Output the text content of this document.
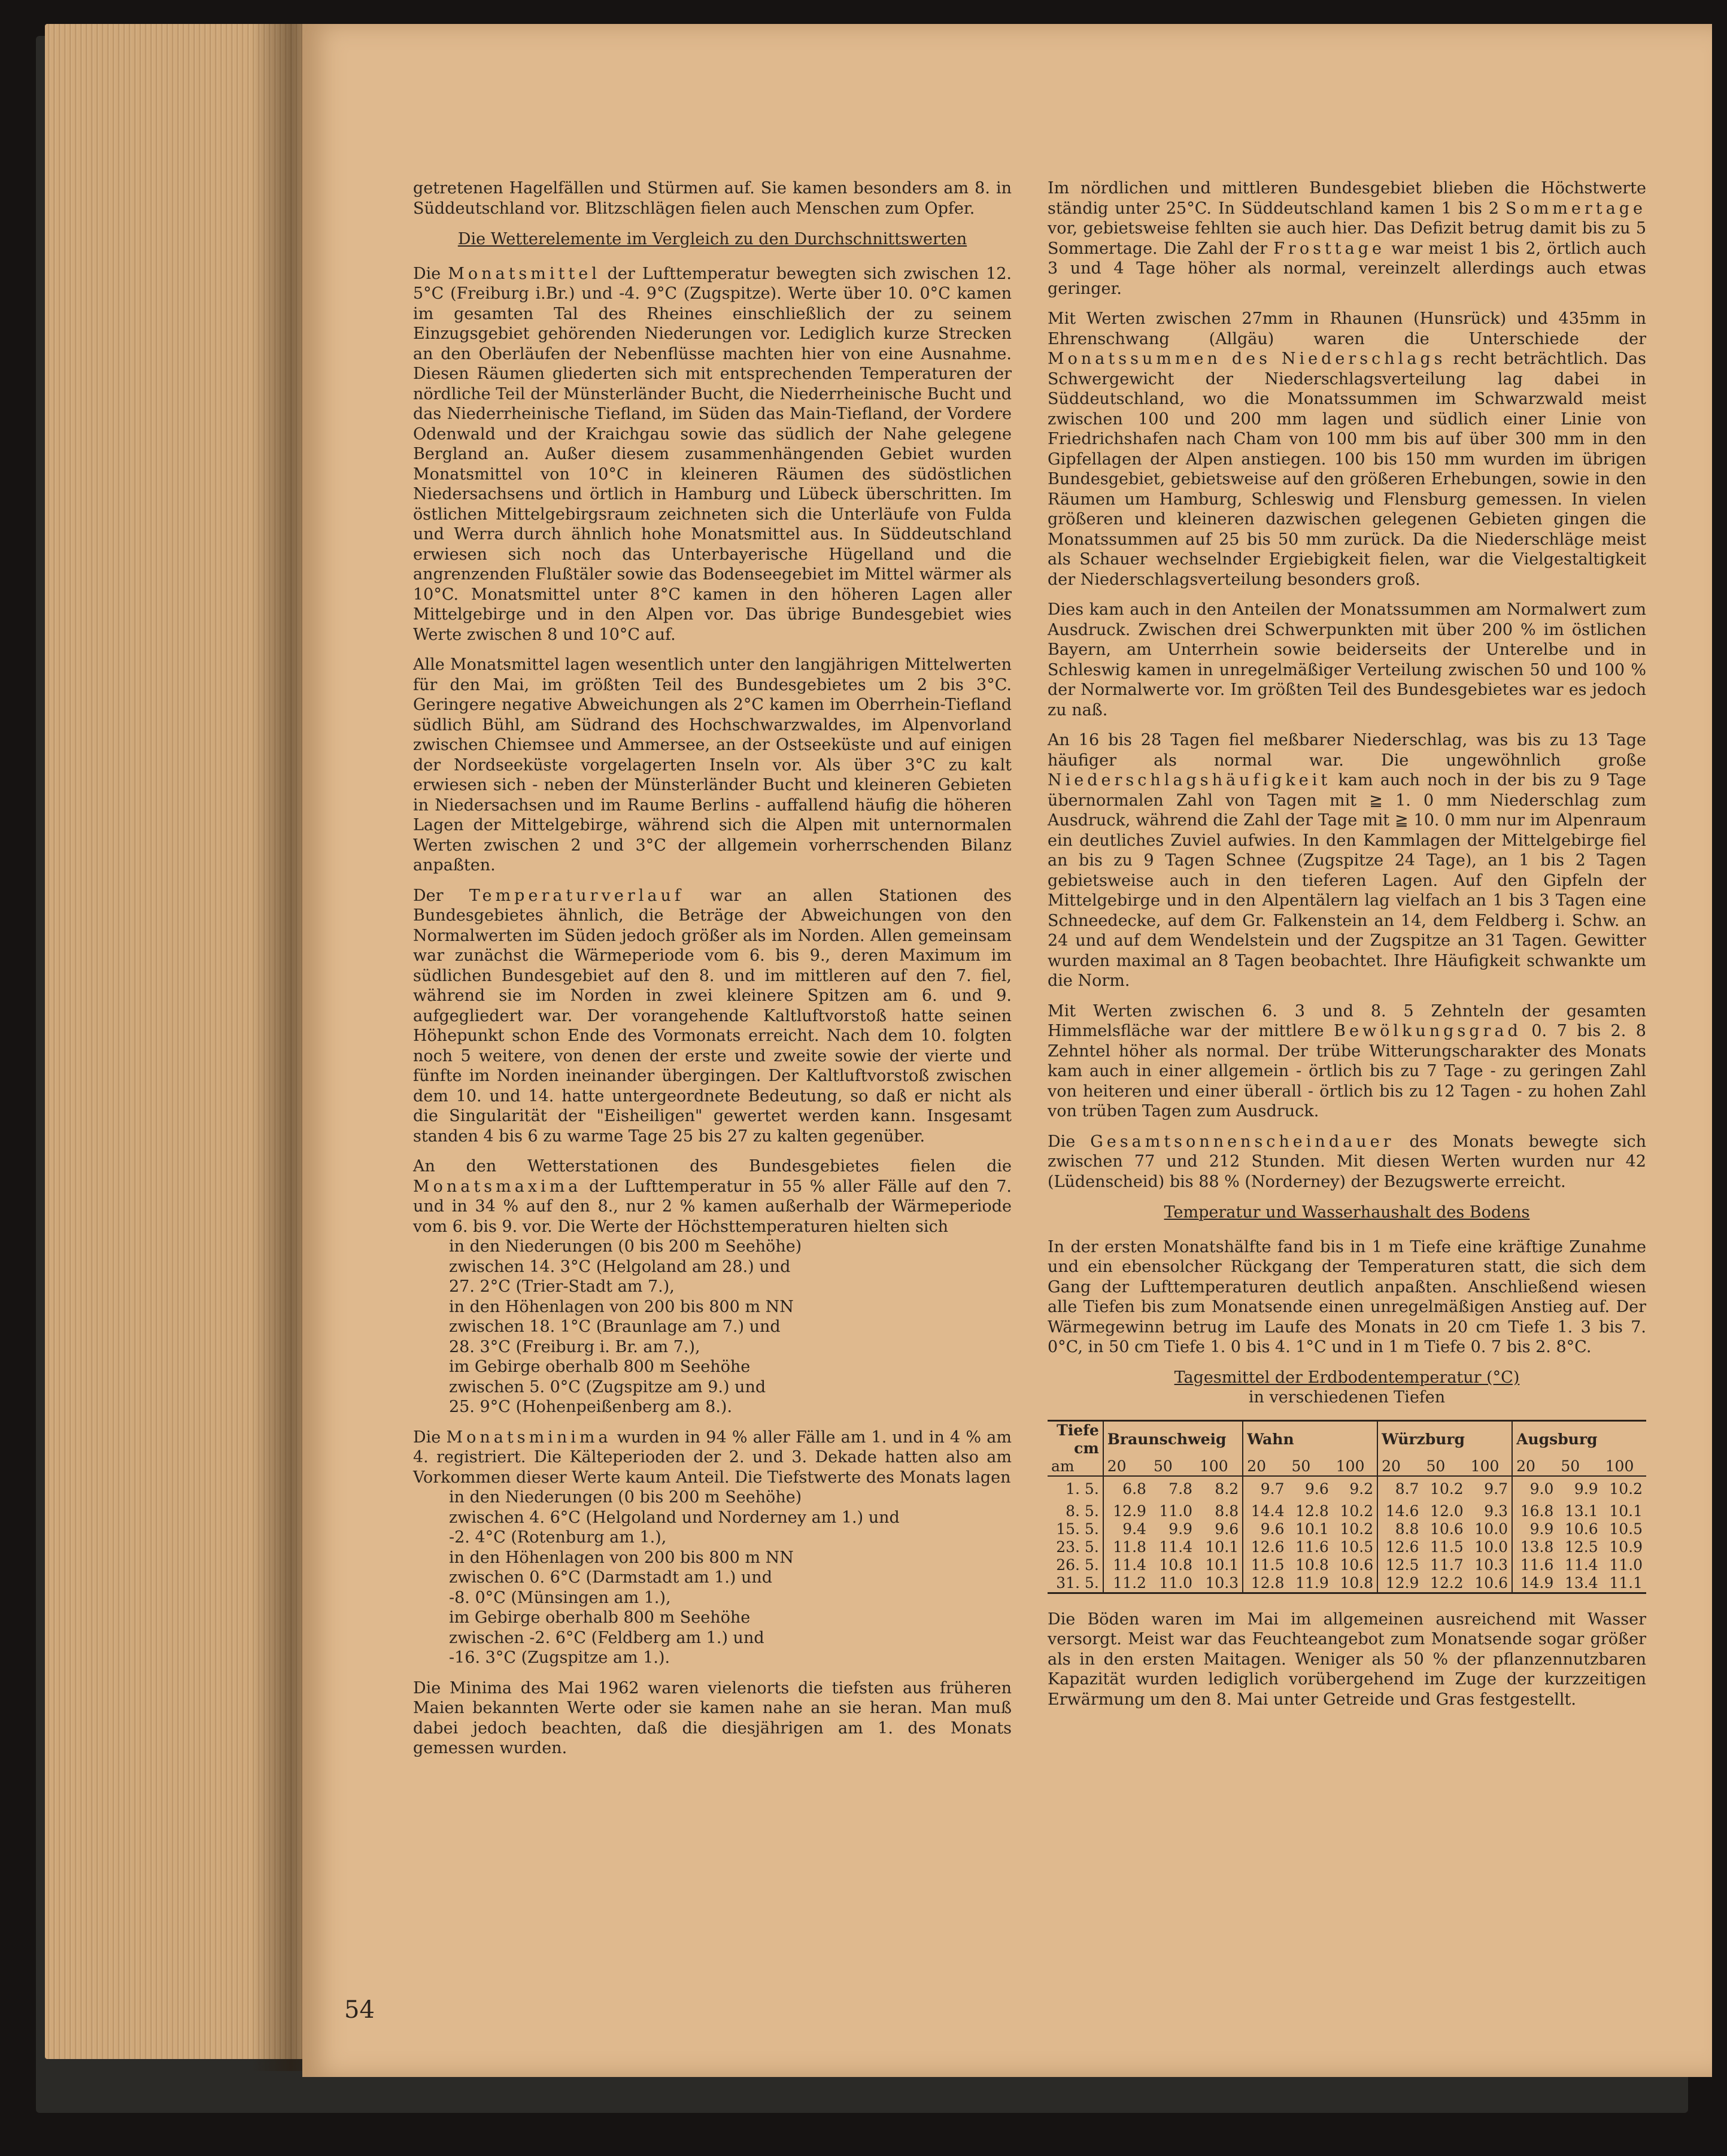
getretenen Hagelfällen und Stürmen auf. Sie kamen besonders am 8. in Süddeutschland vor. Blitzschlägen fielen auch Menschen zum Opfer.

Die Wetterelemente im Vergleich zu den Durchschnittswerten

Die Monatsmittel der Lufttemperatur bewegten sich zwischen 12. 5°C (Freiburg i.Br.) und -4. 9°C (Zugspitze). Werte über 10. 0°C kamen im gesamten Tal des Rheines einschließlich der zu seinem Einzugsgebiet gehörenden Niederungen vor. Lediglich kurze Strecken an den Oberläufen der Nebenflüsse machten hier von eine Ausnahme. Diesen Räumen gliederten sich mit entsprechenden Temperaturen der nördliche Teil der Münsterländer Bucht, die Niederrheinische Bucht und das Niederrheinische Tiefland, im Süden das Main-Tiefland, der Vordere Odenwald und der Kraichgau sowie das südlich der Nahe gelegene Bergland an. Außer diesem zusammenhängenden Gebiet wurden Monatsmittel von 10°C in kleineren Räumen des südöstlichen Niedersachsens und örtlich in Hamburg und Lübeck überschritten. Im östlichen Mittelgebirgsraum zeichneten sich die Unterläufe von Fulda und Werra durch ähnlich hohe Monatsmittel aus. In Süddeutschland erwiesen sich noch das Unterbayerische Hügelland und die angrenzenden Flußtäler sowie das Bodenseegebiet im Mittel wärmer als 10°C. Monatsmittel unter 8°C kamen in den höheren Lagen aller Mittelgebirge und in den Alpen vor. Das übrige Bundesgebiet wies Werte zwischen 8 und 10°C auf.

Alle Monatsmittel lagen wesentlich unter den langjährigen Mittelwerten für den Mai, im größten Teil des Bundesgebietes um 2 bis 3°C. Geringere negative Abweichungen als 2°C kamen im Oberrhein-Tiefland südlich Bühl, am Südrand des Hochschwarzwaldes, im Alpenvorland zwischen Chiemsee und Ammersee, an der Ostseeküste und auf einigen der Nordseeküste vorgelagerten Inseln vor. Als über 3°C zu kalt erwiesen sich - neben der Münsterländer Bucht und kleineren Gebieten in Niedersachsen und im Raume Berlins - auffallend häufig die höheren Lagen der Mittelgebirge, während sich die Alpen mit unternormalen Werten zwischen 2 und 3°C der allgemein vorherrschenden Bilanz anpaßten.

Der Temperaturverlauf war an allen Stationen des Bundesgebietes ähnlich, die Beträge der Abweichungen von den Normalwerten im Süden jedoch größer als im Norden. Allen gemeinsam war zunächst die Wärmeperiode vom 6. bis 9., deren Maximum im südlichen Bundesgebiet auf den 8. und im mittleren auf den 7. fiel, während sie im Norden in zwei kleinere Spitzen am 6. und 9. aufgegliedert war. Der vorangehende Kaltluftvorstoß hatte seinen Höhepunkt schon Ende des Vormonats erreicht. Nach dem 10. folgten noch 5 weitere, von denen der erste und zweite sowie der vierte und fünfte im Norden ineinander übergingen. Der Kaltluftvorstoß zwischen dem 10. und 14. hatte untergeordnete Bedeutung, so daß er nicht als die Singularität der "Eisheiligen" gewertet werden kann. Insgesamt standen 4 bis 6 zu warme Tage 25 bis 27 zu kalten gegenüber.

An den Wetterstationen des Bundesgebietes fielen die Monatsmaxima der Lufttemperatur in 55 % aller Fälle auf den 7. und in 34 % auf den 8., nur 2 % kamen außerhalb der Wärmeperiode vom 6. bis 9. vor. Die Werte der Höchsttemperaturen hielten sich

in den Niederungen (0 bis 200 m Seehöhe)

zwischen 14. 3°C (Helgoland am 28.) und

27. 2°C (Trier-Stadt am 7.),

in den Höhenlagen von 200 bis 800 m NN

zwischen 18. 1°C (Braunlage am 7.) und

28. 3°C (Freiburg i. Br. am 7.),

im Gebirge oberhalb 800 m Seehöhe

zwischen 5. 0°C (Zugspitze am 9.) und

25. 9°C (Hohenpeißenberg am 8.).

Die Monatsminima wurden in 94 % aller Fälle am 1. und in 4 % am 4. registriert. Die Kälteperioden der 2. und 3. Dekade hatten also am Vorkommen dieser Werte kaum Anteil. Die Tiefstwerte des Monats lagen

in den Niederungen (0 bis 200 m Seehöhe)

zwischen 4. 6°C (Helgoland und Norderney am 1.) und

-2. 4°C (Rotenburg am 1.),

in den Höhenlagen von 200 bis 800 m NN

zwischen 0. 6°C (Darmstadt am 1.) und

-8. 0°C (Münsingen am 1.),

im Gebirge oberhalb 800 m Seehöhe

zwischen -2. 6°C (Feldberg am 1.) und

-16. 3°C (Zugspitze am 1.).

Die Minima des Mai 1962 waren vielenorts die tiefsten aus früheren Maien bekannten Werte oder sie kamen nahe an sie heran. Man muß dabei jedoch beachten, daß die diesjährigen am 1. des Monats gemessen wurden.

Im nördlichen und mittleren Bundesgebiet blieben die Höchstwerte ständig unter 25°C. In Süddeutschland kamen 1 bis 2 Sommertage vor, gebietsweise fehlten sie auch hier. Das Defizit betrug damit bis zu 5 Sommertage. Die Zahl der Frosttage war meist 1 bis 2, örtlich auch 3 und 4 Tage höher als normal, vereinzelt allerdings auch etwas geringer.

Mit Werten zwischen 27mm in Rhaunen (Hunsrück) und 435mm in Ehrenschwang (Allgäu) waren die Unterschiede der Monatssummen des Niederschlags recht beträchtlich. Das Schwergewicht der Niederschlagsverteilung lag dabei in Süddeutschland, wo die Monatssummen im Schwarzwald meist zwischen 100 und 200 mm lagen und südlich einer Linie von Friedrichshafen nach Cham von 100 mm bis auf über 300 mm in den Gipfellagen der Alpen anstiegen. 100 bis 150 mm wurden im übrigen Bundesgebiet, gebietsweise auf den größeren Erhebungen, sowie in den Räumen um Hamburg, Schleswig und Flensburg gemessen. In vielen größeren und kleineren dazwischen gelegenen Gebieten gingen die Monatssummen auf 25 bis 50 mm zurück. Da die Niederschläge meist als Schauer wechselnder Ergiebigkeit fielen, war die Vielgestaltigkeit der Niederschlagsverteilung besonders groß.

Dies kam auch in den Anteilen der Monatssummen am Normalwert zum Ausdruck. Zwischen drei Schwerpunkten mit über 200 % im östlichen Bayern, am Unterrhein sowie beiderseits der Unterelbe und in Schleswig kamen in unregelmäßiger Verteilung zwischen 50 und 100 % der Normalwerte vor. Im größten Teil des Bundesgebietes war es jedoch zu naß.

An 16 bis 28 Tagen fiel meßbarer Niederschlag, was bis zu 13 Tage häufiger als normal war. Die ungewöhnlich große Niederschlagshäufigkeit kam auch noch in der bis zu 9 Tage übernormalen Zahl von Tagen mit ≧ 1. 0 mm Niederschlag zum Ausdruck, während die Zahl der Tage mit ≧ 10. 0 mm nur im Alpenraum ein deutliches Zuviel aufwies. In den Kammlagen der Mittelgebirge fiel an bis zu 9 Tagen Schnee (Zugspitze 24 Tage), an 1 bis 2 Tagen gebietsweise auch in den tieferen Lagen. Auf den Gipfeln der Mittelgebirge und in den Alpentälern lag vielfach an 1 bis 3 Tagen eine Schneedecke, auf dem Gr. Falkenstein an 14, dem Feldberg i. Schw. an 24 und auf dem Wendelstein und der Zugspitze an 31 Tagen. Gewitter wurden maximal an 8 Tagen beobachtet. Ihre Häufigkeit schwankte um die Norm.

Mit Werten zwischen 6. 3 und 8. 5 Zehnteln der gesamten Himmelsfläche war der mittlere Bewölkungsgrad 0. 7 bis 2. 8 Zehntel höher als normal. Der trübe Witterungscharakter des Monats kam auch in einer allgemein - örtlich bis zu 7 Tage - zu geringen Zahl von heiteren und einer überall - örtlich bis zu 12 Tagen - zu hohen Zahl von trüben Tagen zum Ausdruck.

Die Gesamtsonnenscheindauer des Monats bewegte sich zwischen 77 und 212 Stunden. Mit diesen Werten wurden nur 42 (Lüdenscheid) bis 88 % (Norderney) der Bezugswerte erreicht.

Temperatur und Wasserhaushalt des Bodens

In der ersten Monatshälfte fand bis in 1 m Tiefe eine kräftige Zunahme und ein ebensolcher Rückgang der Temperaturen statt, die sich dem Gang der Lufttemperaturen deutlich anpaßten. Anschließend wiesen alle Tiefen bis zum Monatsende einen unregelmäßigen Anstieg auf. Der Wärmegewinn betrug im Laufe des Monats in 20 cm Tiefe 1. 3 bis 7. 0°C, in 50 cm Tiefe 1. 0 bis 4. 1°C und in 1 m Tiefe 0. 7 bis 2. 8°C.

Tagesmittel der Erdbodentemperatur (°C)

in verschiedenen Tiefen

Tiefe
cm	Braunschweig			Wahn			Würzburg			Augsburg		
am	20	50	100	20	50	100	20	50	100	20	50	100
1. 5.	6.8	7.8	8.2	9.7	9.6	9.2	8.7	10.2	9.7	9.0	9.9	10.2
8. 5.	12.9	11.0	8.8	14.4	12.8	10.2	14.6	12.0	9.3	16.8	13.1	10.1
15. 5.	9.4	9.9	9.6	9.6	10.1	10.2	8.8	10.6	10.0	9.9	10.6	10.5
23. 5.	11.8	11.4	10.1	12.6	11.6	10.5	12.6	11.5	10.0	13.8	12.5	10.9
26. 5.	11.4	10.8	10.1	11.5	10.8	10.6	12.5	11.7	10.3	11.6	11.4	11.0
31. 5.	11.2	11.0	10.3	12.8	11.9	10.8	12.9	12.2	10.6	14.9	13.4	11.1

Die Böden waren im Mai im allgemeinen ausreichend mit Wasser versorgt. Meist war das Feuchteangebot zum Monatsende sogar größer als in den ersten Maitagen. Weniger als 50 % der pflanzennutzbaren Kapazität wurden lediglich vorübergehend im Zuge der kurzzeitigen Erwärmung um den 8. Mai unter Getreide und Gras festgestellt.

54
